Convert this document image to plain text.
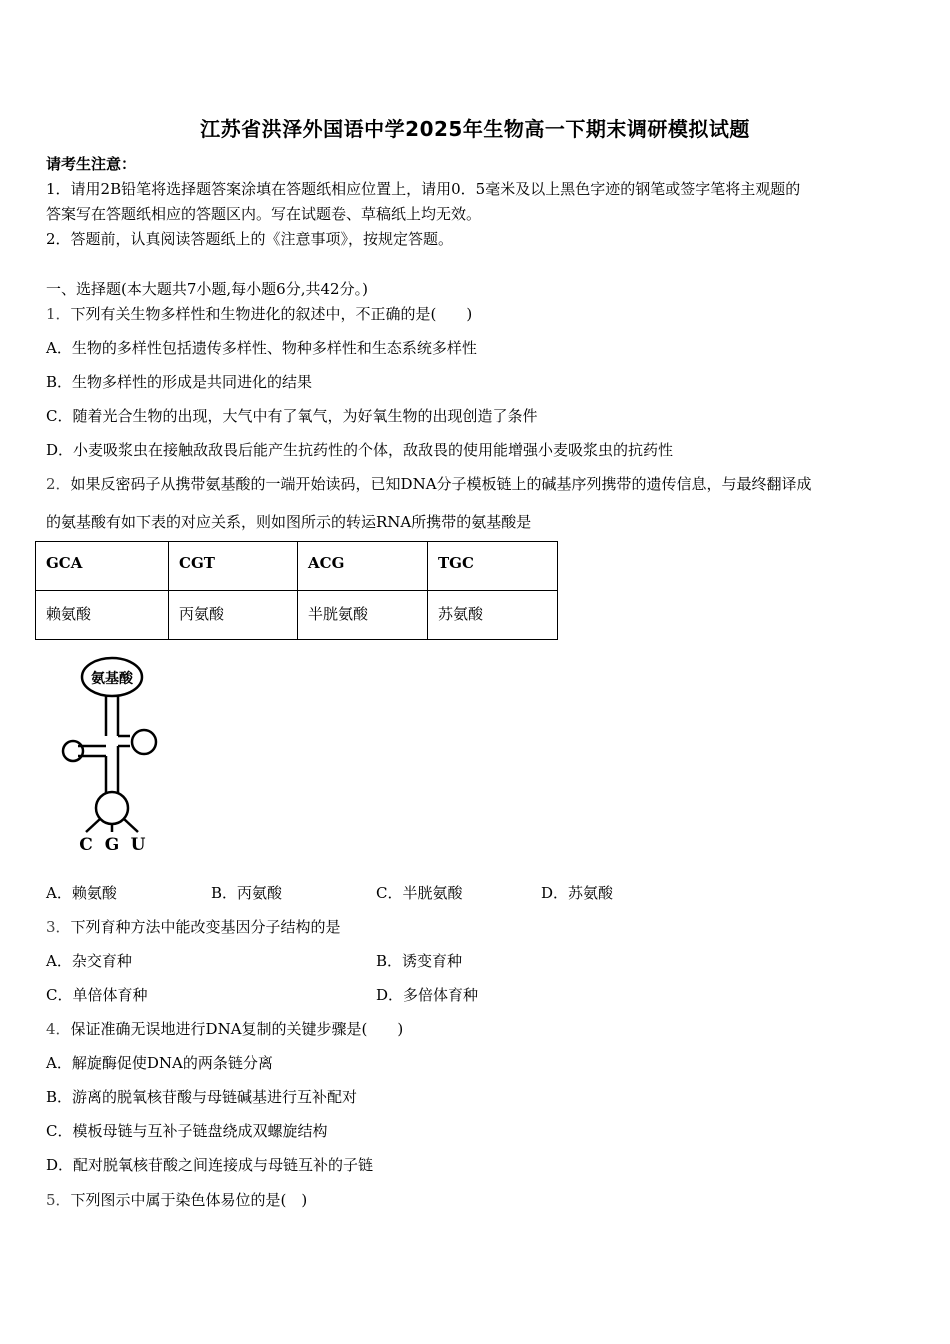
江苏省洪泽外国语中学2025年生物高一下期末调研模拟试题
请考生注意：
1．请用2B铅笔将选择题答案涂填在答题纸相应位置上，请用0．5毫米及以上黑色字迹的钢笔或签字笔将主观题的
答案写在答题纸相应的答题区内。写在试题卷、草稿纸上均无效。
2．答题前，认真阅读答题纸上的《注意事项》，按规定答题。
一、选择题(本大题共7小题,每小题6分,共42分。)
1．下列有关生物多样性和生物进化的叙述中，不正确的是(　　)
A．生物的多样性包括遗传多样性、物种多样性和生态系统多样性
B．生物多样性的形成是共同进化的结果
C．随着光合生物的出现，大气中有了氧气，为好氧生物的出现创造了条件
D．小麦吸浆虫在接触敌敌畏后能产生抗药性的个体，敌敌畏的使用能增强小麦吸浆虫的抗药性
2．如果反密码子从携带氨基酸的一端开始读码，已知DNA分子模板链上的碱基序列携带的遗传信息，与最终翻译成
的氨基酸有如下表的对应关系，则如图所示的转运RNA所携带的氨基酸是
GCA	CGT	ACG	TGC
赖氨酸	丙氨酸	半胱氨酸	苏氨酸
氨基酸
C G U
A．赖氨酸	B．丙氨酸	C．半胱氨酸	D．苏氨酸
3．下列育种方法中能改变基因分子结构的是
A．杂交育种	B．诱变育种
C．单倍体育种	D．多倍体育种
4．保证准确无误地进行DNA复制的关键步骤是(　　)
A．解旋酶促使DNA的两条链分离
B．游离的脱氧核苷酸与母链碱基进行互补配对
C．模板母链与互补子链盘绕成双螺旋结构
D．配对脱氧核苷酸之间连接成与母链互补的子链
5．下列图示中属于染色体易位的是(　)
